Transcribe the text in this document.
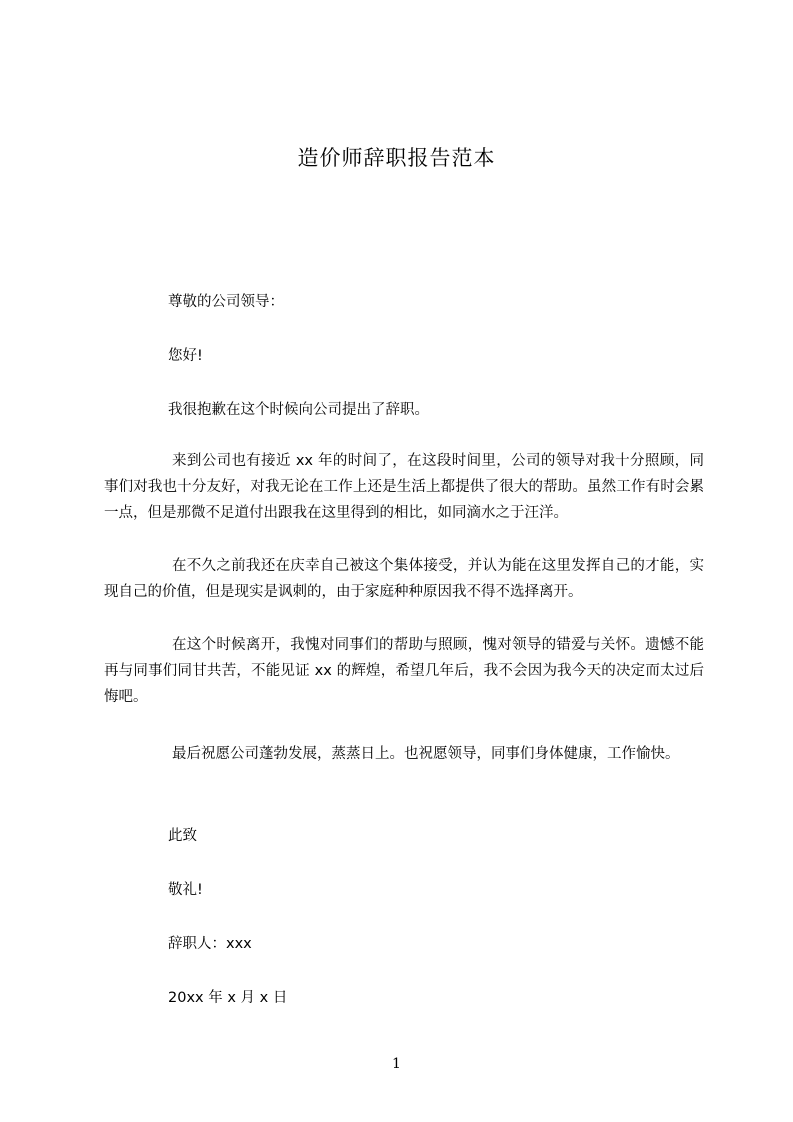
造价师辞职报告范本
尊敬的公司领导：
您好!
我很抱歉在这个时候向公司提出了辞职。
来到公司也有接近 xx 年的时间了，在这段时间里，公司的领导对我十分照顾，同事们对我也十分友好，对我无论在工作上还是生活上都提供了很大的帮助。虽然工作有时会累一点，但是那微不足道付出跟我在这里得到的相比，如同滴水之于汪洋。
在不久之前我还在庆幸自己被这个集体接受，并认为能在这里发挥自己的才能，实现自己的价值，但是现实是讽刺的，由于家庭种种原因我不得不选择离开。
在这个时候离开，我愧对同事们的帮助与照顾，愧对领导的错爱与关怀。遗憾不能再与同事们同甘共苦，不能见证 xx 的辉煌，希望几年后，我不会因为我今天的决定而太过后悔吧。
最后祝愿公司蓬勃发展，蒸蒸日上。也祝愿领导，同事们身体健康，工作愉快。
此致
敬礼!
辞职人：xxx
20xx 年 x 月 x 日
1
